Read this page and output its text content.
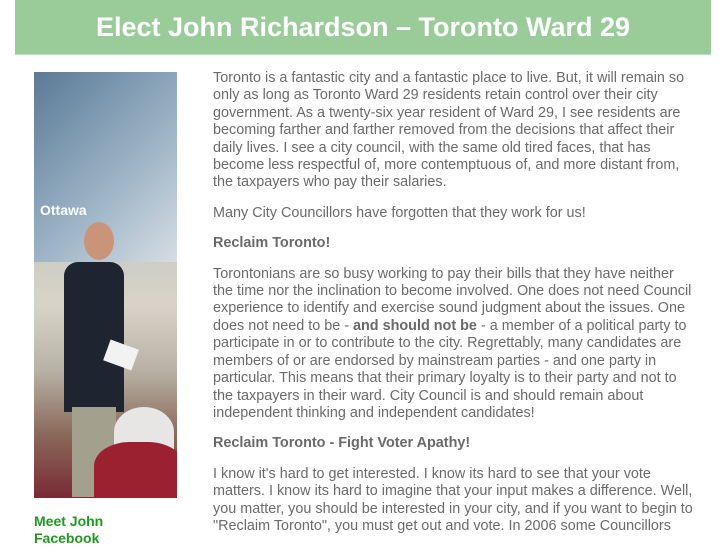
Elect John Richardson – Toronto Ward 29
Ottawa
Meet John
Facebook

Toronto is a fantastic city and a fantastic place to live. But, it will remain so only as long as Toronto Ward 29 residents retain control over their city government. As a twenty-six year resident of Ward 29, I see residents are becoming farther and farther removed from the decisions that affect their daily lives. I see a city council, with the same old tired faces, that has become less respectful of, more contemptuous of, and more distant from, the taxpayers who pay their salaries.

Many City Councillors have forgotten that they work for us!

Reclaim Toronto!

Torontonians are so busy working to pay their bills that they have neither the time nor the inclination to become involved. One does not need Council experience to identify and exercise sound judgment about the issues. One does not need to be - and should not be - a member of a political party to participate in or to contribute to the city. Regrettably, many candidates are members of or are endorsed by mainstream parties - and one party in particular. This means that their primary loyalty is to their party and not to the taxpayers in their ward. City Council is and should remain about independent thinking and independent candidates!

Reclaim Toronto - Fight Voter Apathy!

I know it's hard to get interested. I know its hard to see that your vote matters. I know its hard to imagine that your input makes a difference. Well, you matter, you should be interested in your city, and if you want to begin to "Reclaim Toronto", you must get out and vote. In 2006 some Councillors
